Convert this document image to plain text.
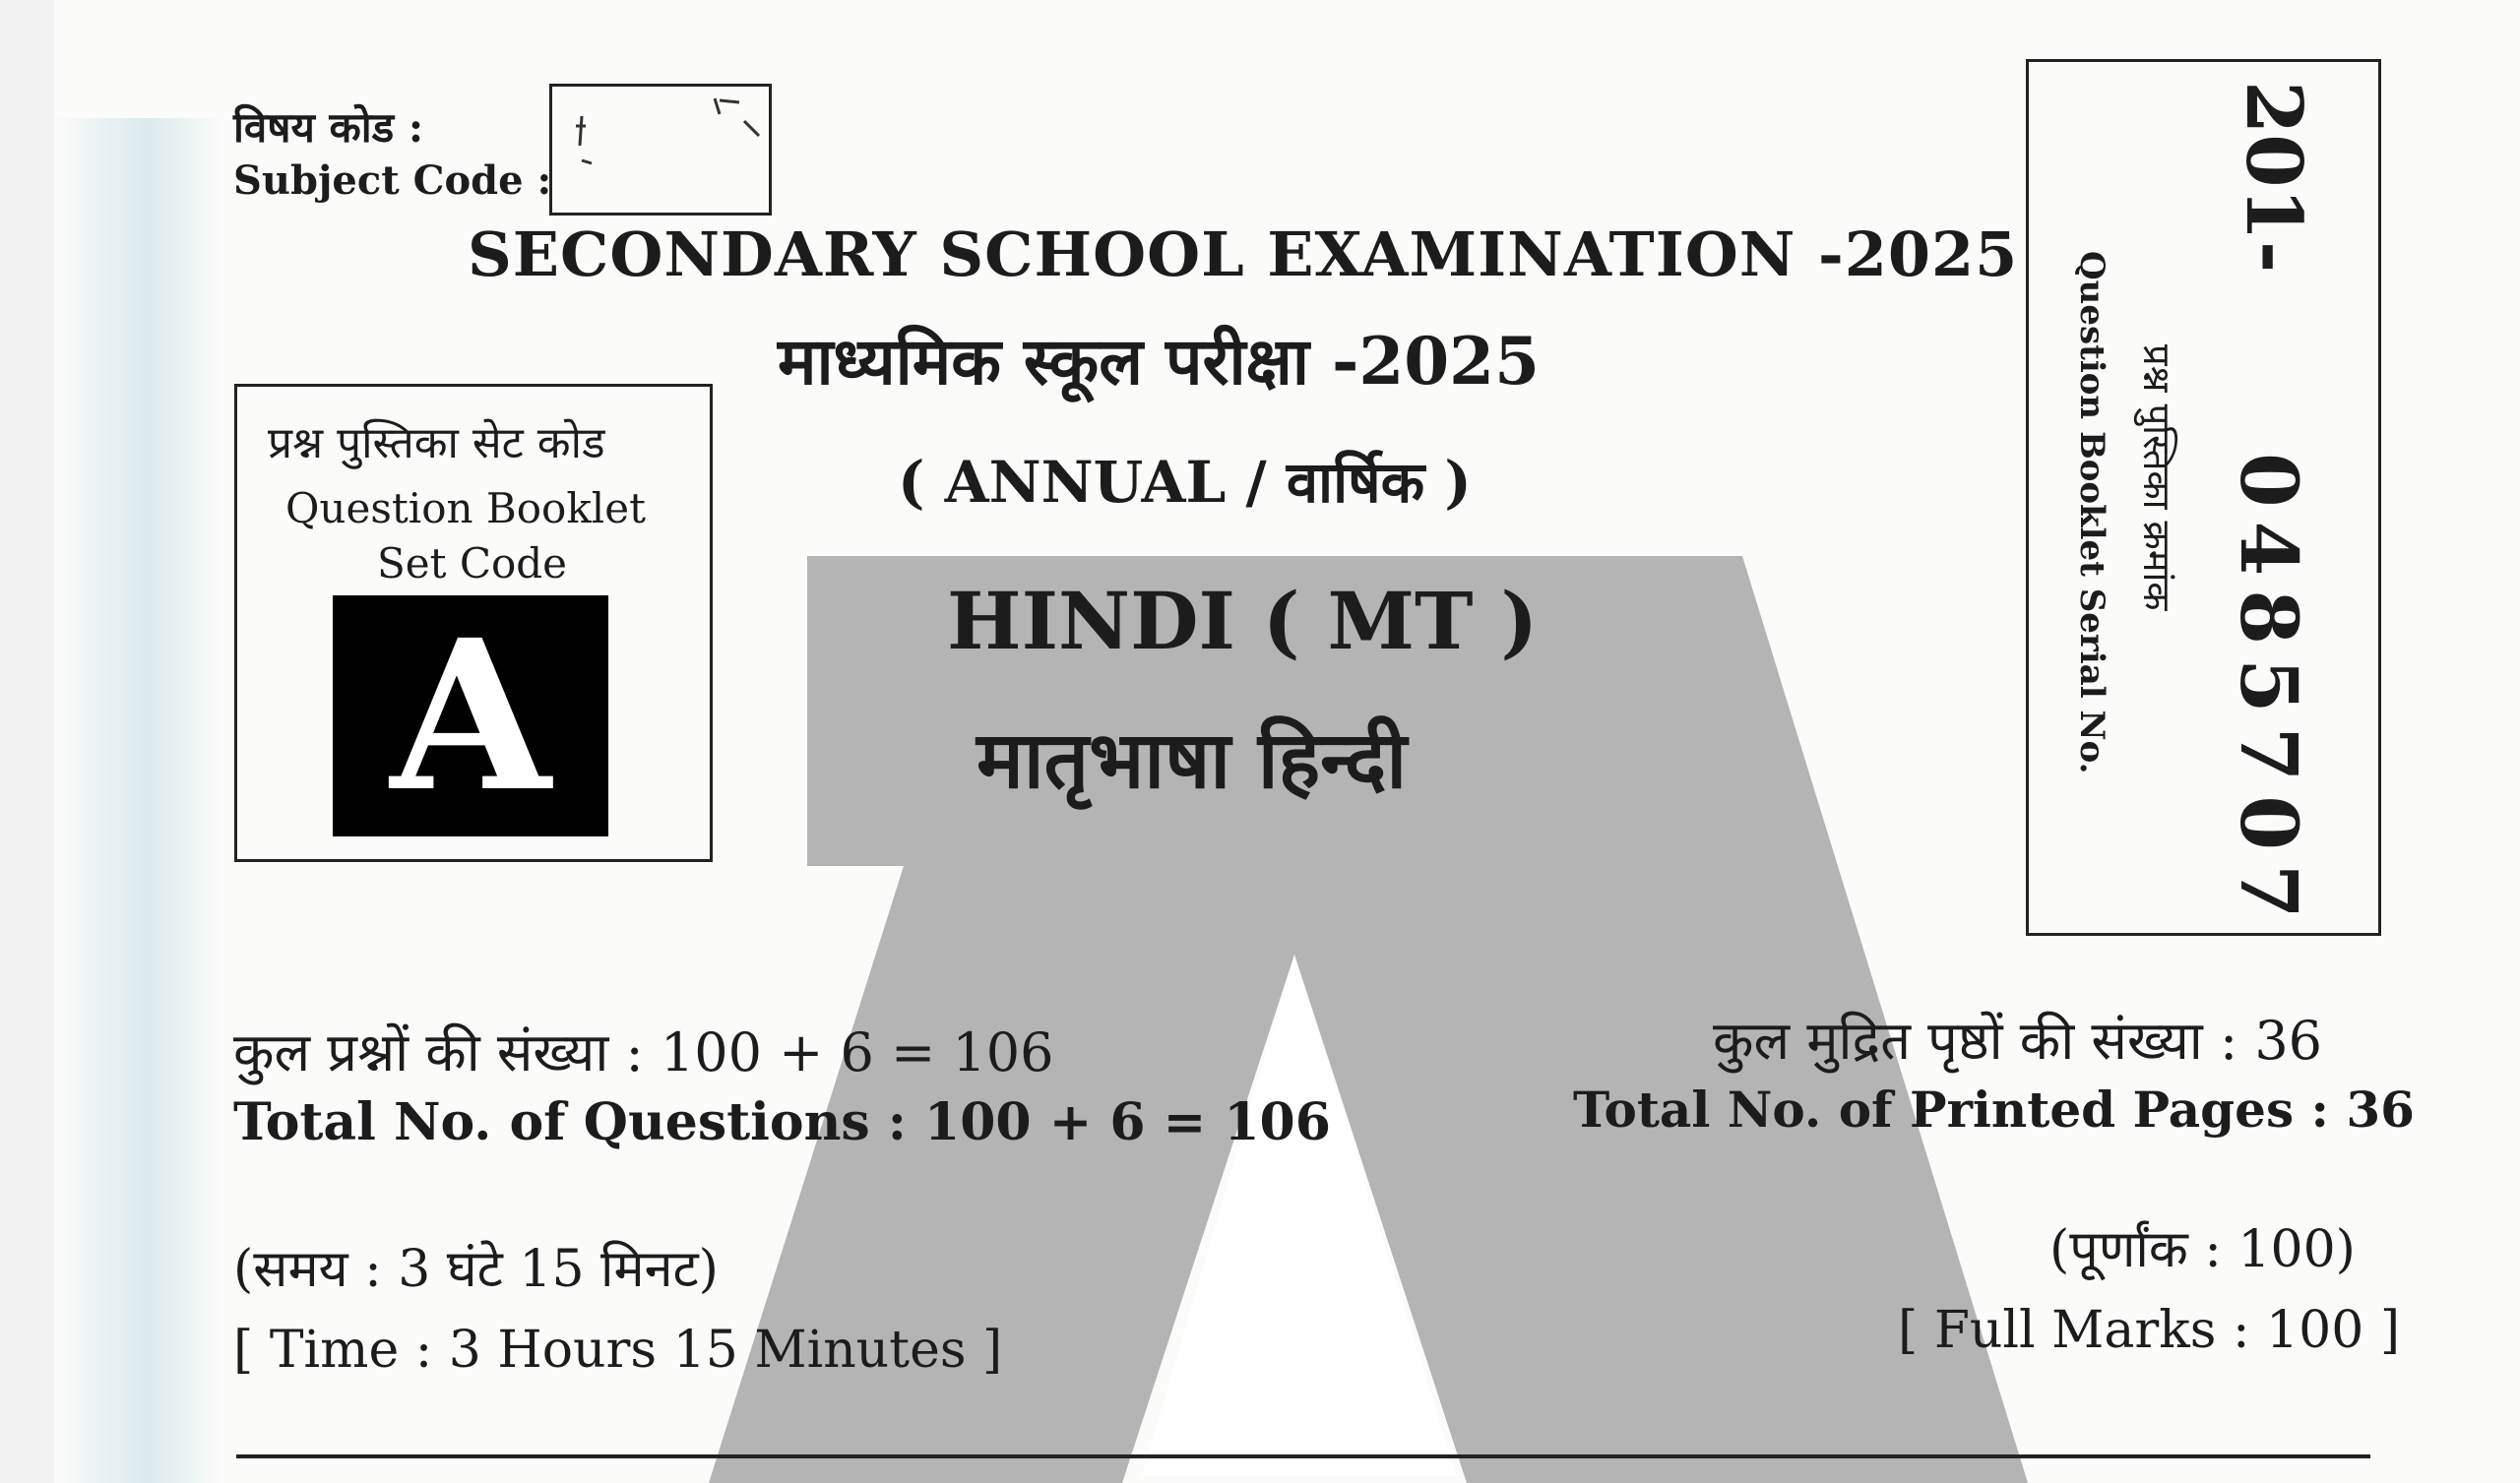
विषय कोड :
Subject Code :
SECONDARY SCHOOL EXAMINATION -2025
माध्यमिक स्कूल परीक्षा -2025
( ANNUAL / वार्षिक )
HINDI ( MT )
मातृभाषा हिन्दी
प्रश्न पुस्तिका सेट कोड
Question Booklet
Set Code
A
201-
0485707
प्रश्न पुस्तिका क्रमांक
Question Booklet Serial No.
कुल प्रश्नों की संख्या : 100 + 6 = 106
Total No. of Questions : 100 + 6 = 106
कुल मुद्रित पृष्ठों की संख्या : 36
Total No. of Printed Pages : 36
(समय : 3 घंटे 15 मिनट)
[ Time : 3 Hours 15 Minutes ]
(पूर्णांक : 100)
[ Full Marks : 100 ]
